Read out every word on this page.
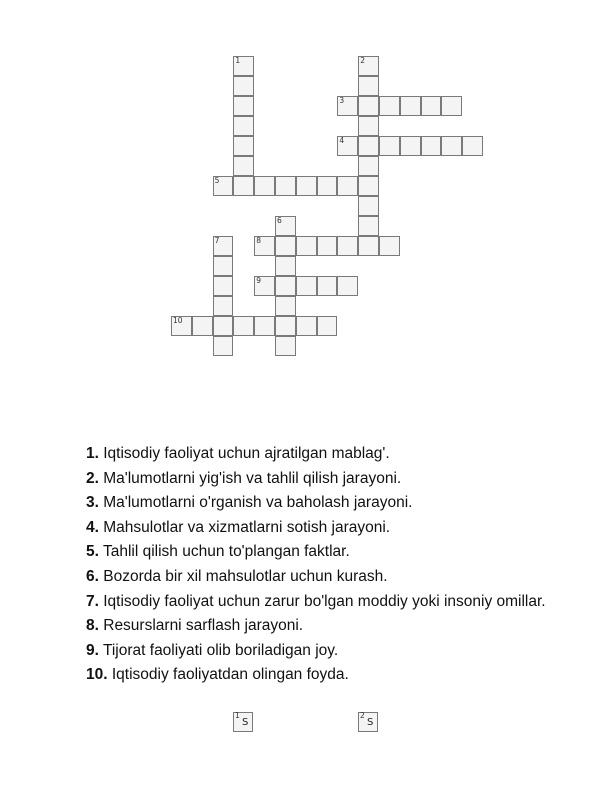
1	2
3
4
5
6
7	8
9
10
1. Iqtisodiy faoliyat uchun ajratilgan mablag'.
2. Ma'lumotlarni yig'ish va tahlil qilish jarayoni.
3. Ma'lumotlarni o'rganish va baholash jarayoni.
4. Mahsulotlar va xizmatlarni sotish jarayoni.
5. Tahlil qilish uchun to'plangan faktlar.
6. Bozorda bir xil mahsulotlar uchun kurash.
7. Iqtisodiy faoliyat uchun zarur bo'lgan moddiy yoki insoniy omillar.
8. Resurslarni sarflash jarayoni.
9. Tijorat faoliyati olib boriladigan joy.
10. Iqtisodiy faoliyatdan olingan foyda.
1
S
2
S
